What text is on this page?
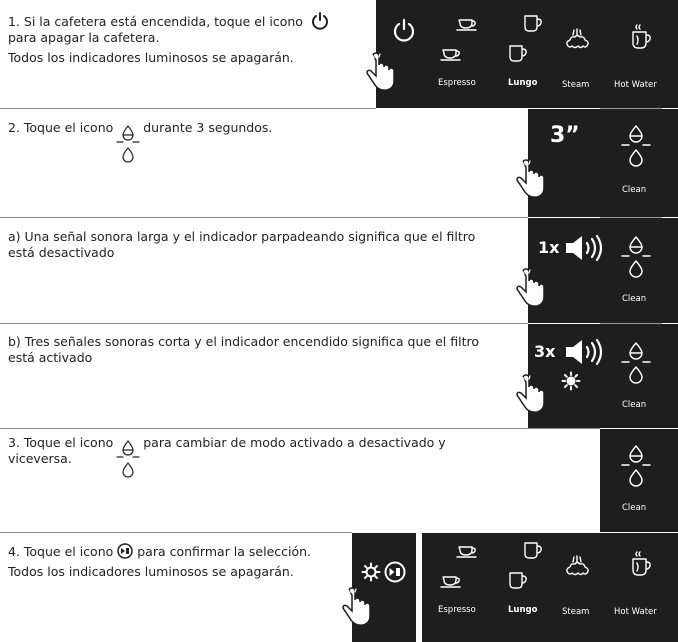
1. Si la cafetera está encendida, toque el icono
para apagar la cafetera.
Todos los indicadores luminosos se apagarán.
Espresso	Lungo	Steam	Hot Water
2. Toque el icono durante 3 segundos.	3”
Clean
a) Una señal sonora larga y el indicador parpadeando significa que el filtro
está desactivado	1x
Clean
b) Tres señales sonoras corta y el indicador encendido significa que el filtro
está activado	3x
Clean
3. Toque el icono para cambiar de modo activado a desactivado y
viceversa.
Clean
4. Toque el icono para confirmar la selección.
Todos los indicadores luminosos se apagarán.
Espresso	Lungo	Steam	Hot Water
